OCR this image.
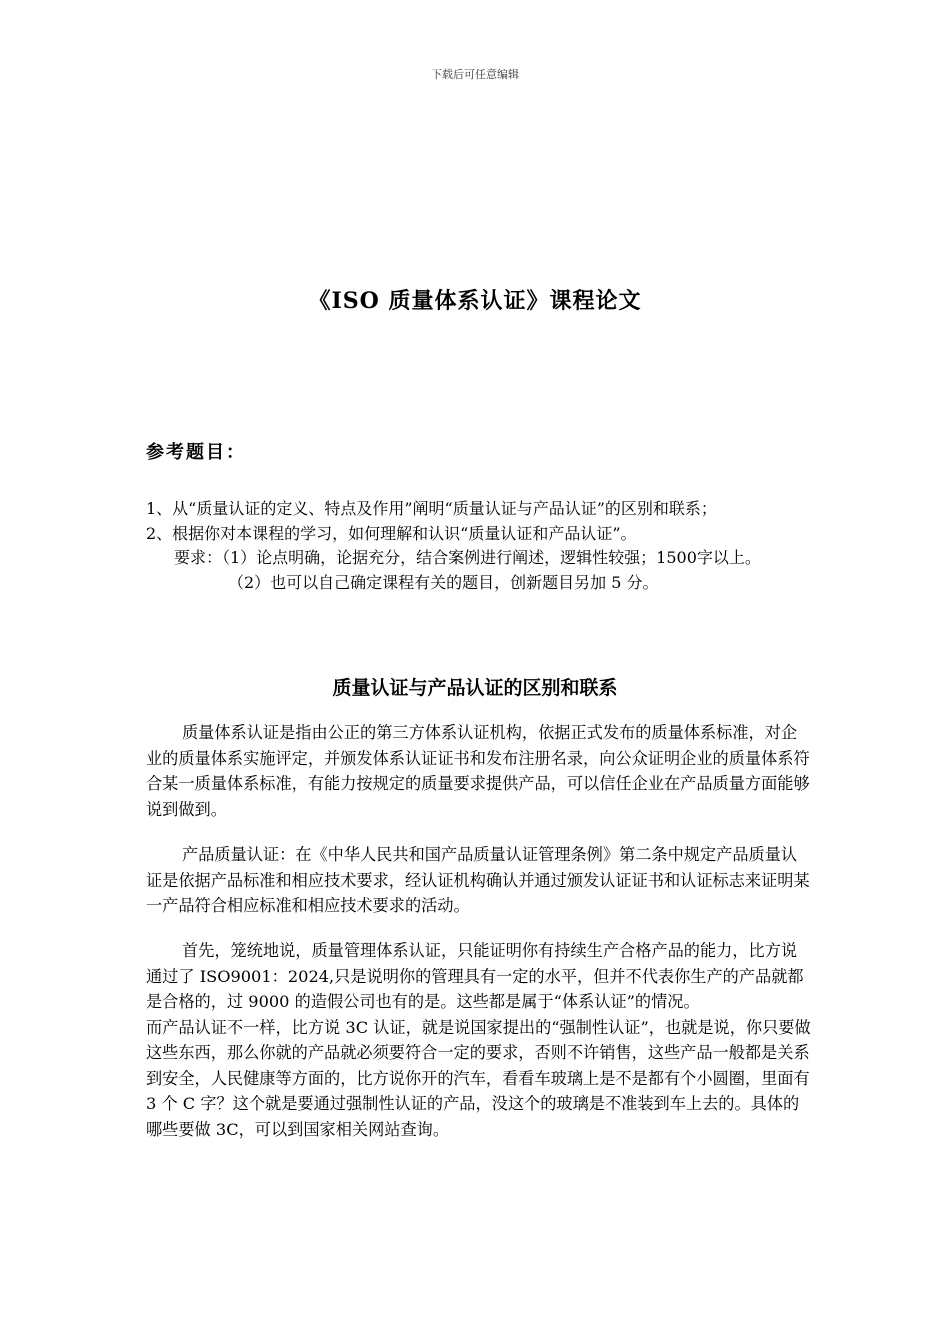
下载后可任意编辑
《ISO 质量体系认证》课程论文
参考题目：

1、从“质量认证的定义、特点及作用”阐明“质量认证与产品认证”的区别和联系；

2、根据你对本课程的学习，如何理解和认识“质量认证和产品认证”。

要求：（1）论点明确，论据充分，结合案例进行阐述，逻辑性较强；1500字以上。

（2）也可以自己确定课程有关的题目，创新题目另加 5 分。

质量认证与产品认证的区别和联系

质量体系认证是指由公正的第三方体系认证机构，依据正式发布的质量体系标准，对企业的质量体系实施评定，并颁发体系认证证书和发布注册名录，向公众证明企业的质量体系符合某一质量体系标准，有能力按规定的质量要求提供产品，可以信任企业在产品质量方面能够说到做到。

产品质量认证：在《中华人民共和国产品质量认证管理条例》第二条中规定产品质量认证是依据产品标准和相应技术要求，经认证机构确认并通过颁发认证证书和认证标志来证明某一产品符合相应标准和相应技术要求的活动。

首先，笼统地说，质量管理体系认证，只能证明你有持续生产合格产品的能力，比方说通过了 ISO9001：2024,只是说明你的管理具有一定的水平，但并不代表你生产的产品就都是合格的，过 9000 的造假公司也有的是。这些都是属于“体系认证”的情况。

而产品认证不一样，比方说 3C 认证，就是说国家提出的“强制性认证”，也就是说，你只要做这些东西，那么你就的产品就必须要符合一定的要求，否则不许销售，这些产品一般都是关系到安全，人民健康等方面的，比方说你开的汽车，看看车玻璃上是不是都有个小圆圈，里面有 3 个 C 字？这个就是要通过强制性认证的产品，没这个的玻璃是不准装到车上去的。具体的哪些要做 3C，可以到国家相关网站查询。
